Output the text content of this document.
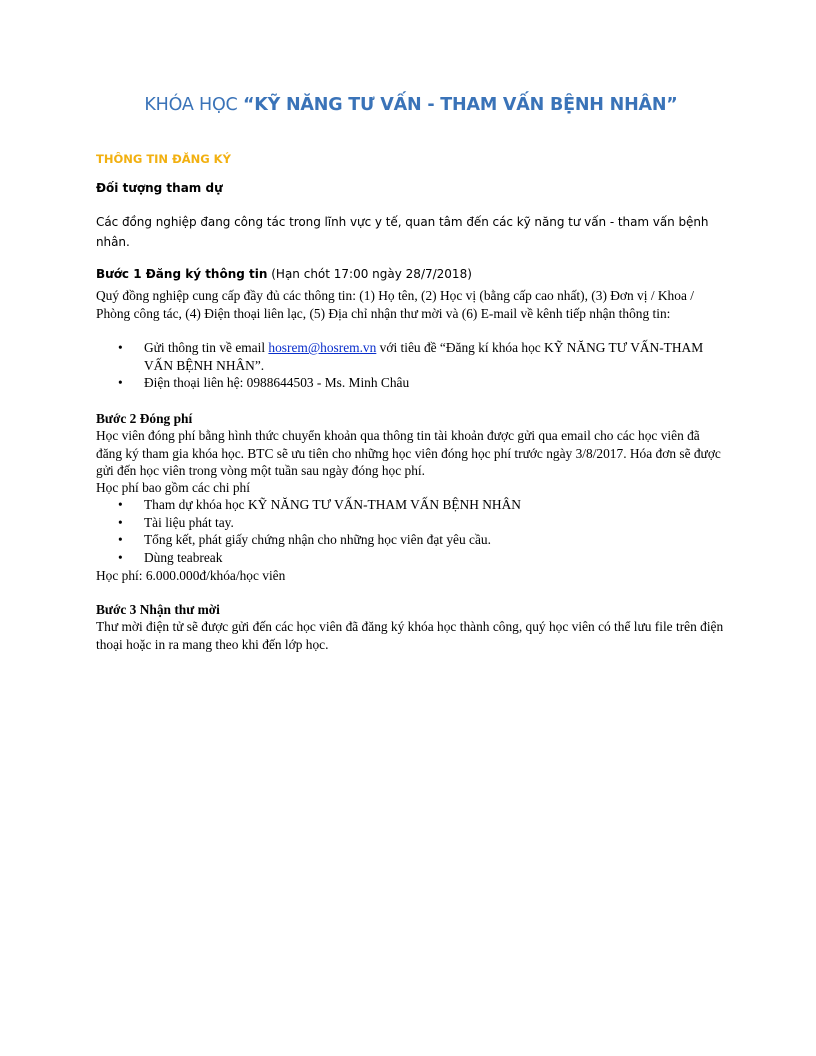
KHÓA HỌC “KỸ NĂNG TƯ VẤN - THAM VẤN BỆNH NHÂN”
THÔNG TIN ĐĂNG KÝ
Đối tượng tham dự
Các đồng nghiệp đang công tác trong lĩnh vực y tế, quan tâm đến các kỹ năng tư vấn - tham vấn bệnh nhân.
Bước 1 Đăng ký thông tin (Hạn chót 17:00 ngày 28/7/2018)
Quý đồng nghiệp cung cấp đầy đủ các thông tin: (1) Họ tên, (2) Học vị (bằng cấp cao nhất), (3) Đơn vị / Khoa / Phòng công tác, (4) Điện thoại liên lạc, (5) Địa chỉ nhận thư mời và (6) E-mail về kênh tiếp nhận thông tin:
• Gửi thông tin về email hosrem@hosrem.vn với tiêu đề “Đăng kí khóa học KỸ NĂNG TƯ VẤN-THAM VẤN BỆNH NHÂN”.
• Điện thoại liên hệ: 0988644503 - Ms. Minh Châu
Bước 2 Đóng phí
Học viên đóng phí bằng hình thức chuyển khoản qua thông tin tài khoản được gửi qua email cho các học viên đã đăng ký tham gia khóa học. BTC sẽ ưu tiên cho những học viên đóng học phí trước ngày 3/8/2017. Hóa đơn sẽ được gửi đến học viên trong vòng một tuần sau ngày đóng học phí.
Học phí bao gồm các chi phí
• Tham dự khóa học KỸ NĂNG TƯ VẤN-THAM VẤN BỆNH NHÂN
• Tài liệu phát tay.
• Tổng kết, phát giấy chứng nhận cho những học viên đạt yêu cầu.
• Dùng teabreak
Học phí: 6.000.000đ/khóa/học viên
Bước 3 Nhận thư mời
Thư mời điện tử sẽ được gửi đến các học viên đã đăng ký khóa học thành công, quý học viên có thể lưu file trên điện thoại hoặc in ra mang theo khi đến lớp học.
